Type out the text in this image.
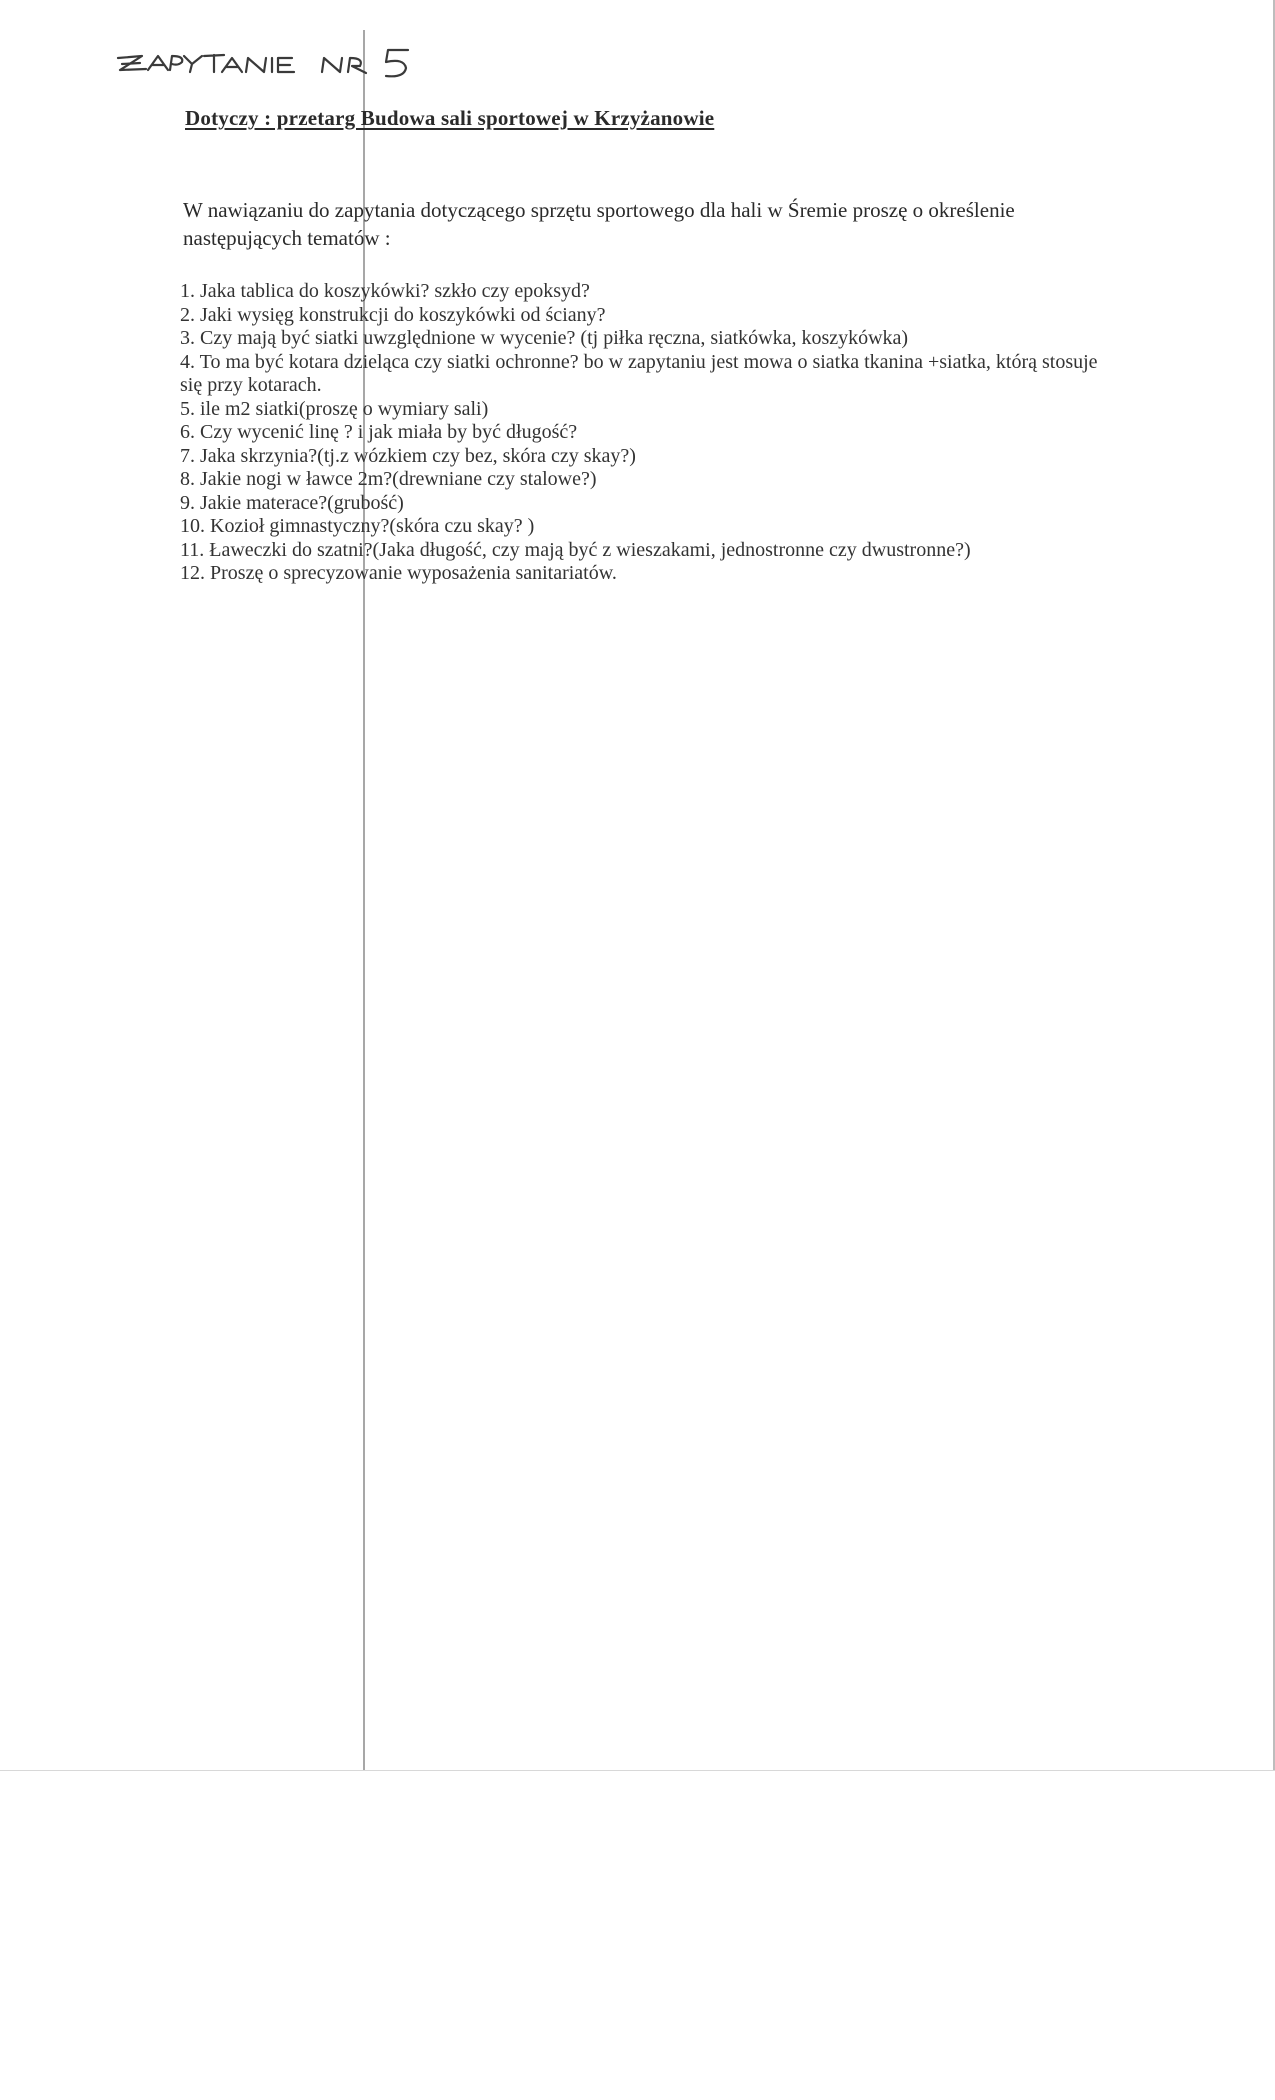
Dotyczy : przetarg Budowa sali sportowej w Krzyżanowie
W nawiązaniu do zapytania dotyczącego sprzętu sportowego dla hali w Śremie proszę o określenie następujących tematów :
1. Jaka tablica do koszykówki? szkło czy epoksyd?
2. Jaki wysięg konstrukcji do koszykówki od ściany?
3. Czy mają być siatki uwzględnione w wycenie? (tj piłka ręczna, siatkówka, koszykówka)
4. To ma być kotara dzieląca czy siatki ochronne? bo w zapytaniu jest mowa o siatka tkanina +siatka, którą stosuje się przy kotarach.
5. ile m2 siatki(proszę o wymiary sali)
6. Czy wycenić linę ? i jak miała by być długość?
7. Jaka skrzynia?(tj.z wózkiem czy bez, skóra czy skay?)
8. Jakie nogi w ławce 2m?(drewniane czy stalowe?)
9. Jakie materace?(grubość)
10. Kozioł gimnastyczny?(skóra czu skay? )
11. Ławeczki do szatni?(Jaka długość, czy mają być z wieszakami, jednostronne czy dwustronne?)
12. Proszę o sprecyzowanie wyposażenia sanitariatów.
